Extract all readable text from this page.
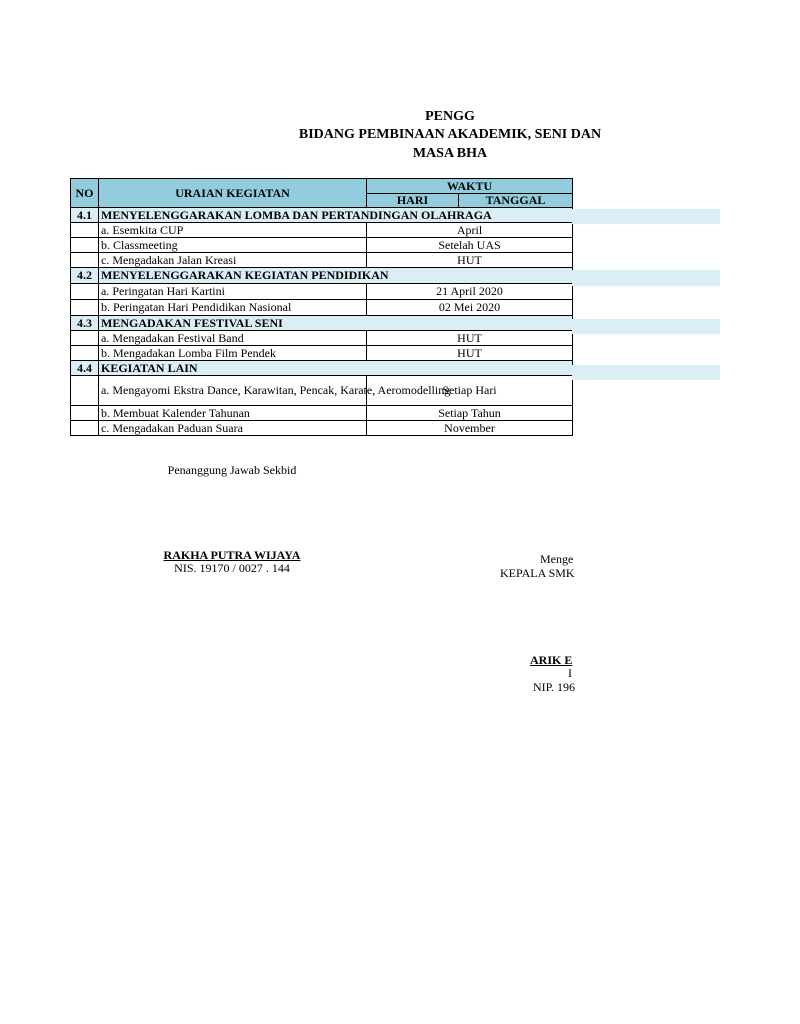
PENGG
BIDANG PEMBINAAN AKADEMIK, SENI DAN
MASA BHA
NO	URAIAN KEGIATAN	WAKTU	
		HARI	TANGGAL
4.1	MENYELENGGARAKAN LOMBA DAN PERTANDINGAN OLAHRAGA		
	a. Esemkita CUP	April	
	b. Classmeeting	Setelah UAS	
	c. Mengadakan Jalan Kreasi	HUT	
4.2	MENYELENGGARAKAN KEGIATAN PENDIDIKAN		
	a. Peringatan Hari Kartini	21 April 2020	
	b. Peringatan Hari Pendidikan Nasional	02 Mei 2020	
4.3	MENGADAKAN FESTIVAL SENI		
	a. Mengadakan Festival Band	HUT	
	b. Mengadakan Lomba Film Pendek	HUT	
4.4	KEGIATAN LAIN		
	a. Mengayomi Ekstra Dance, Karawitan, Pencak, Karate, Aeromodelling	Setiap Hari	
	b. Membuat Kalender Tahunan	Setiap Tahun	
	c. Mengadakan Paduan Suara	November	
Penanggung Jawab Sekbid
RAKHA PUTRA WIJAYA
NIS. 19170 / 0027 . 144
Menge
KEPALA SMK
ARIK E
I
NIP. 196
